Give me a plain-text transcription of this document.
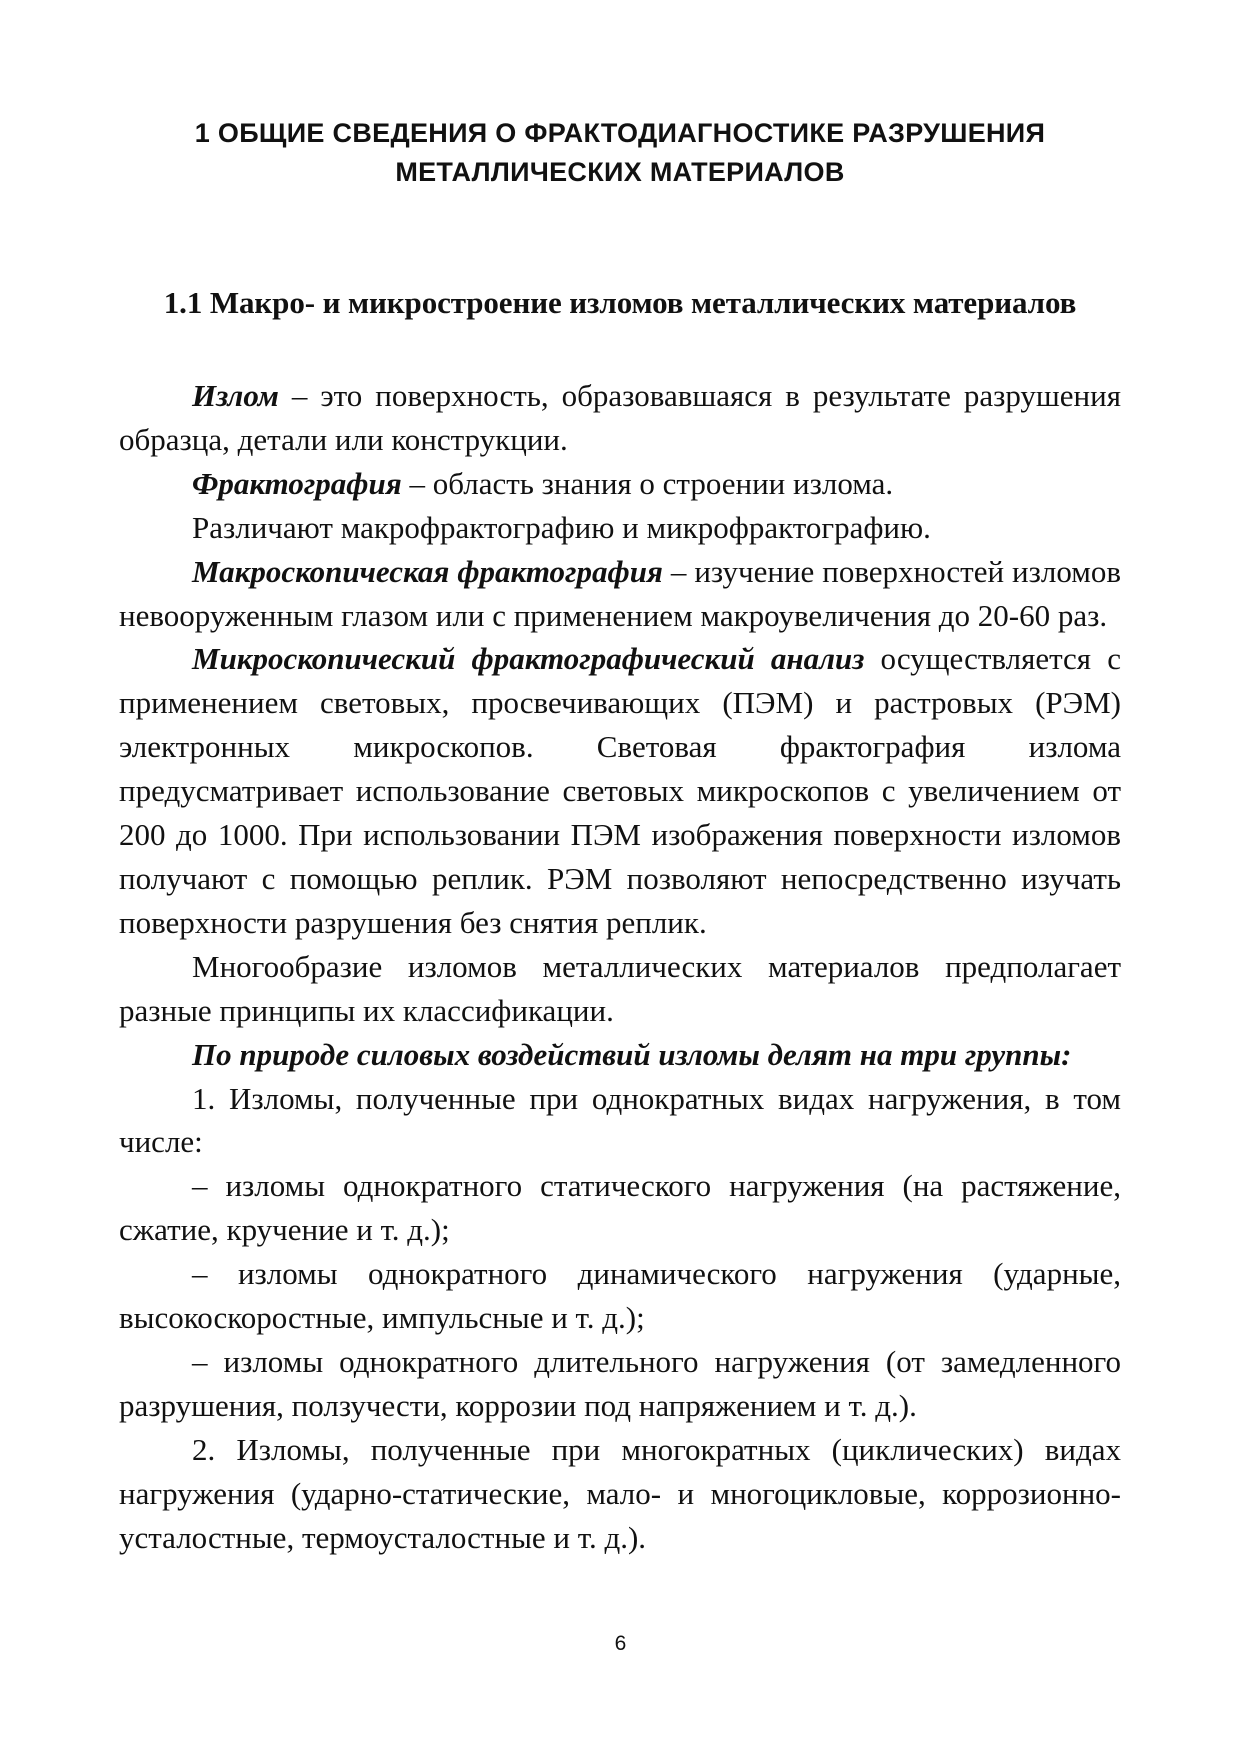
1 ОБЩИЕ СВЕДЕНИЯ О ФРАКТОДИАГНОСТИКЕ РАЗРУШЕНИЯ МЕТАЛЛИЧЕСКИХ МАТЕРИАЛОВ
1.1 Макро- и микростроение изломов металлических материалов

Излом – это поверхность, образовавшаяся в результате разрушения образца, детали или конструкции.

Фрактография – область знания о строении излома.

Различают макрофрактографию и микрофрактографию.

Макроскопическая фрактография – изучение поверхностей изломов невооруженным глазом или с применением макроувеличения до 20-60 раз.

Микроскопический фрактографический анализ осуществляется с применением световых, просвечивающих (ПЭМ) и растровых (РЭМ) электронных микроскопов. Световая фрактография излома предусматривает использование световых микроскопов с увеличением от 200 до 1000. При использовании ПЭМ изображения поверхности изломов получают с помощью реплик. РЭМ позволяют непосредственно изучать поверхности разрушения без снятия реплик.

Многообразие изломов металлических материалов предполагает разные принципы их классификации.

По природе силовых воздействий изломы делят на три группы:

1. Изломы, полученные при однократных видах нагружения, в том числе:

– изломы однократного статического нагружения (на растяжение, сжатие, кручение и т. д.);

– изломы однократного динамического нагружения (ударные, высокоскоростные, импульсные и т. д.);

– изломы однократного длительного нагружения (от замедленного разрушения, ползучести, коррозии под напряжением и т. д.).

2. Изломы, полученные при многократных (циклических) видах нагружения (ударно-статические, мало- и многоцикловые, коррозионно-усталостные, термоусталостные и т. д.).

6
